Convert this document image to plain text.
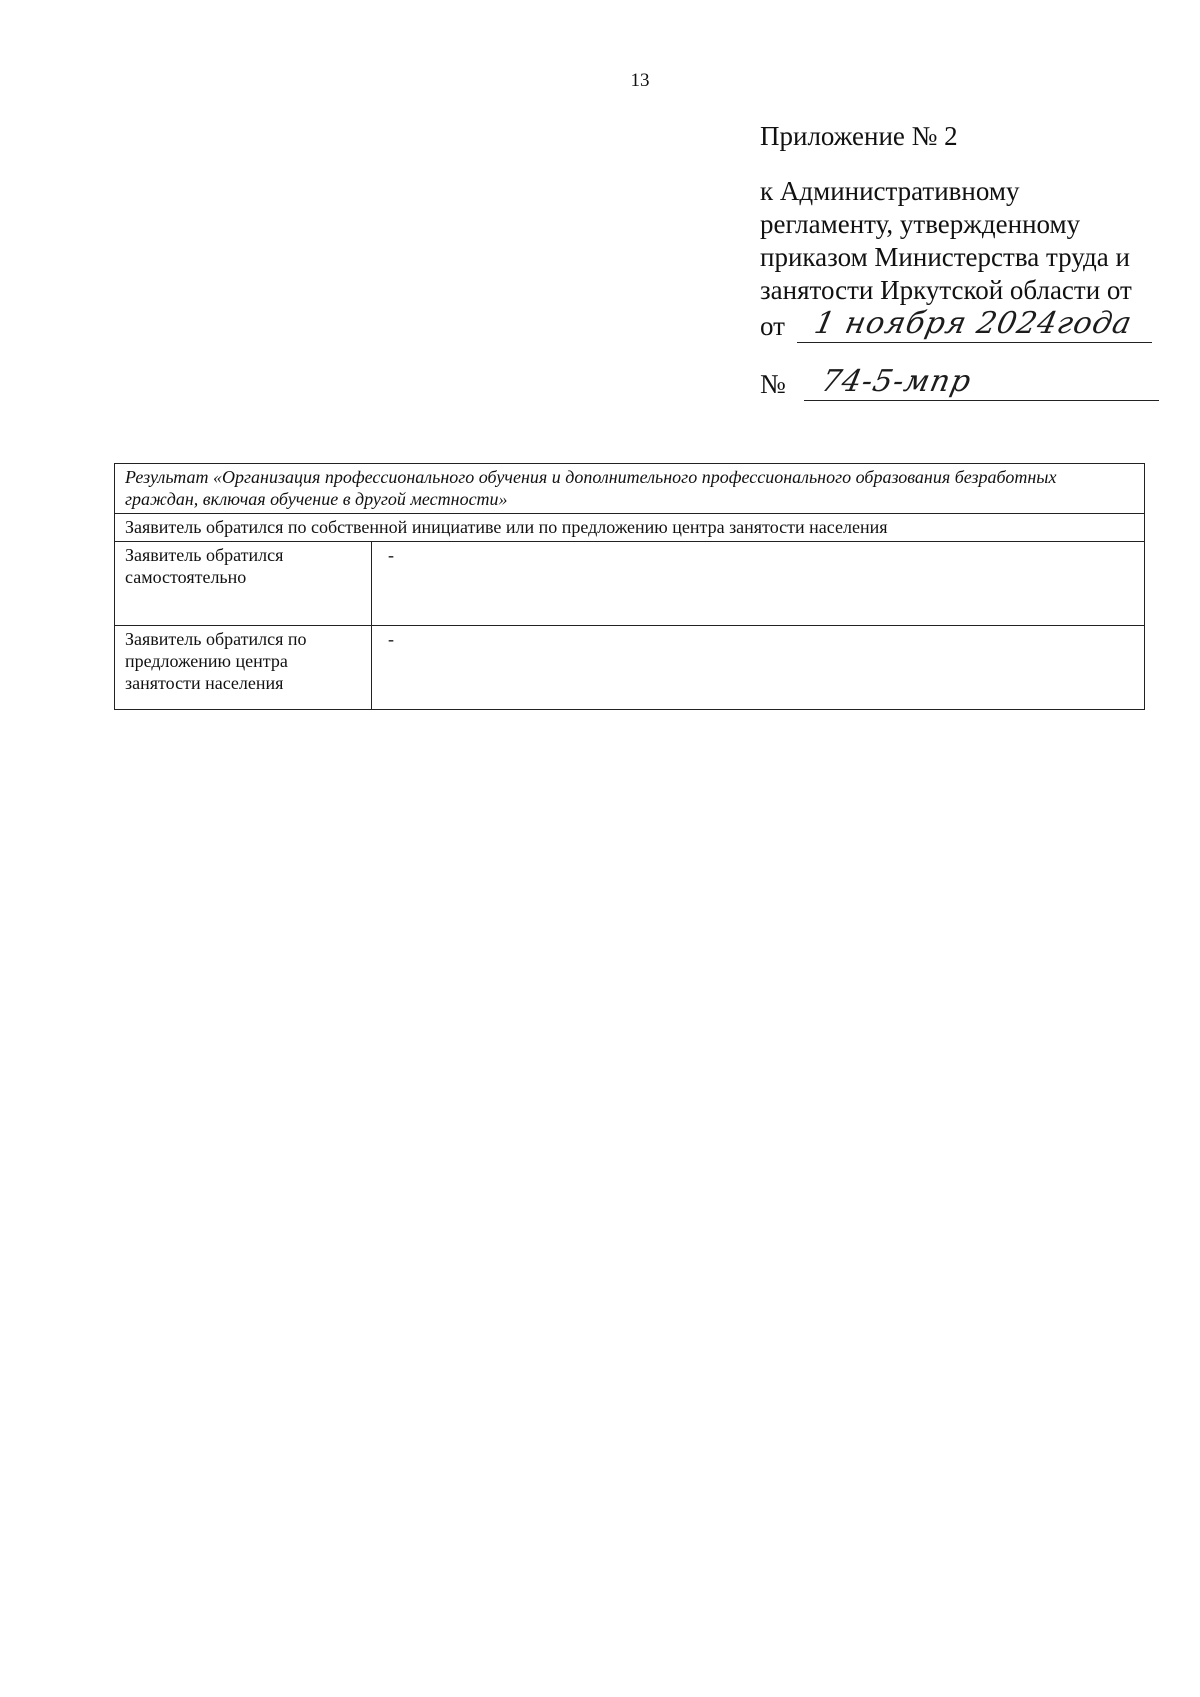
13
Приложение № 2
к Административному
регламенту, утвержденному
приказом Министерства труда и
занятости Иркутской области от
от 1 ноября 2024года
№ 74-5-мпр
Результат «Организация профессионального обучения и дополнительного профессионального образования безработных граждан, включая обучение в другой местности»	
Заявитель обратился по собственной инициативе или по предложению центра занятости населения	
Заявитель обратился самостоятельно	-
Заявитель обратился по предложению центра занятости населения	-
